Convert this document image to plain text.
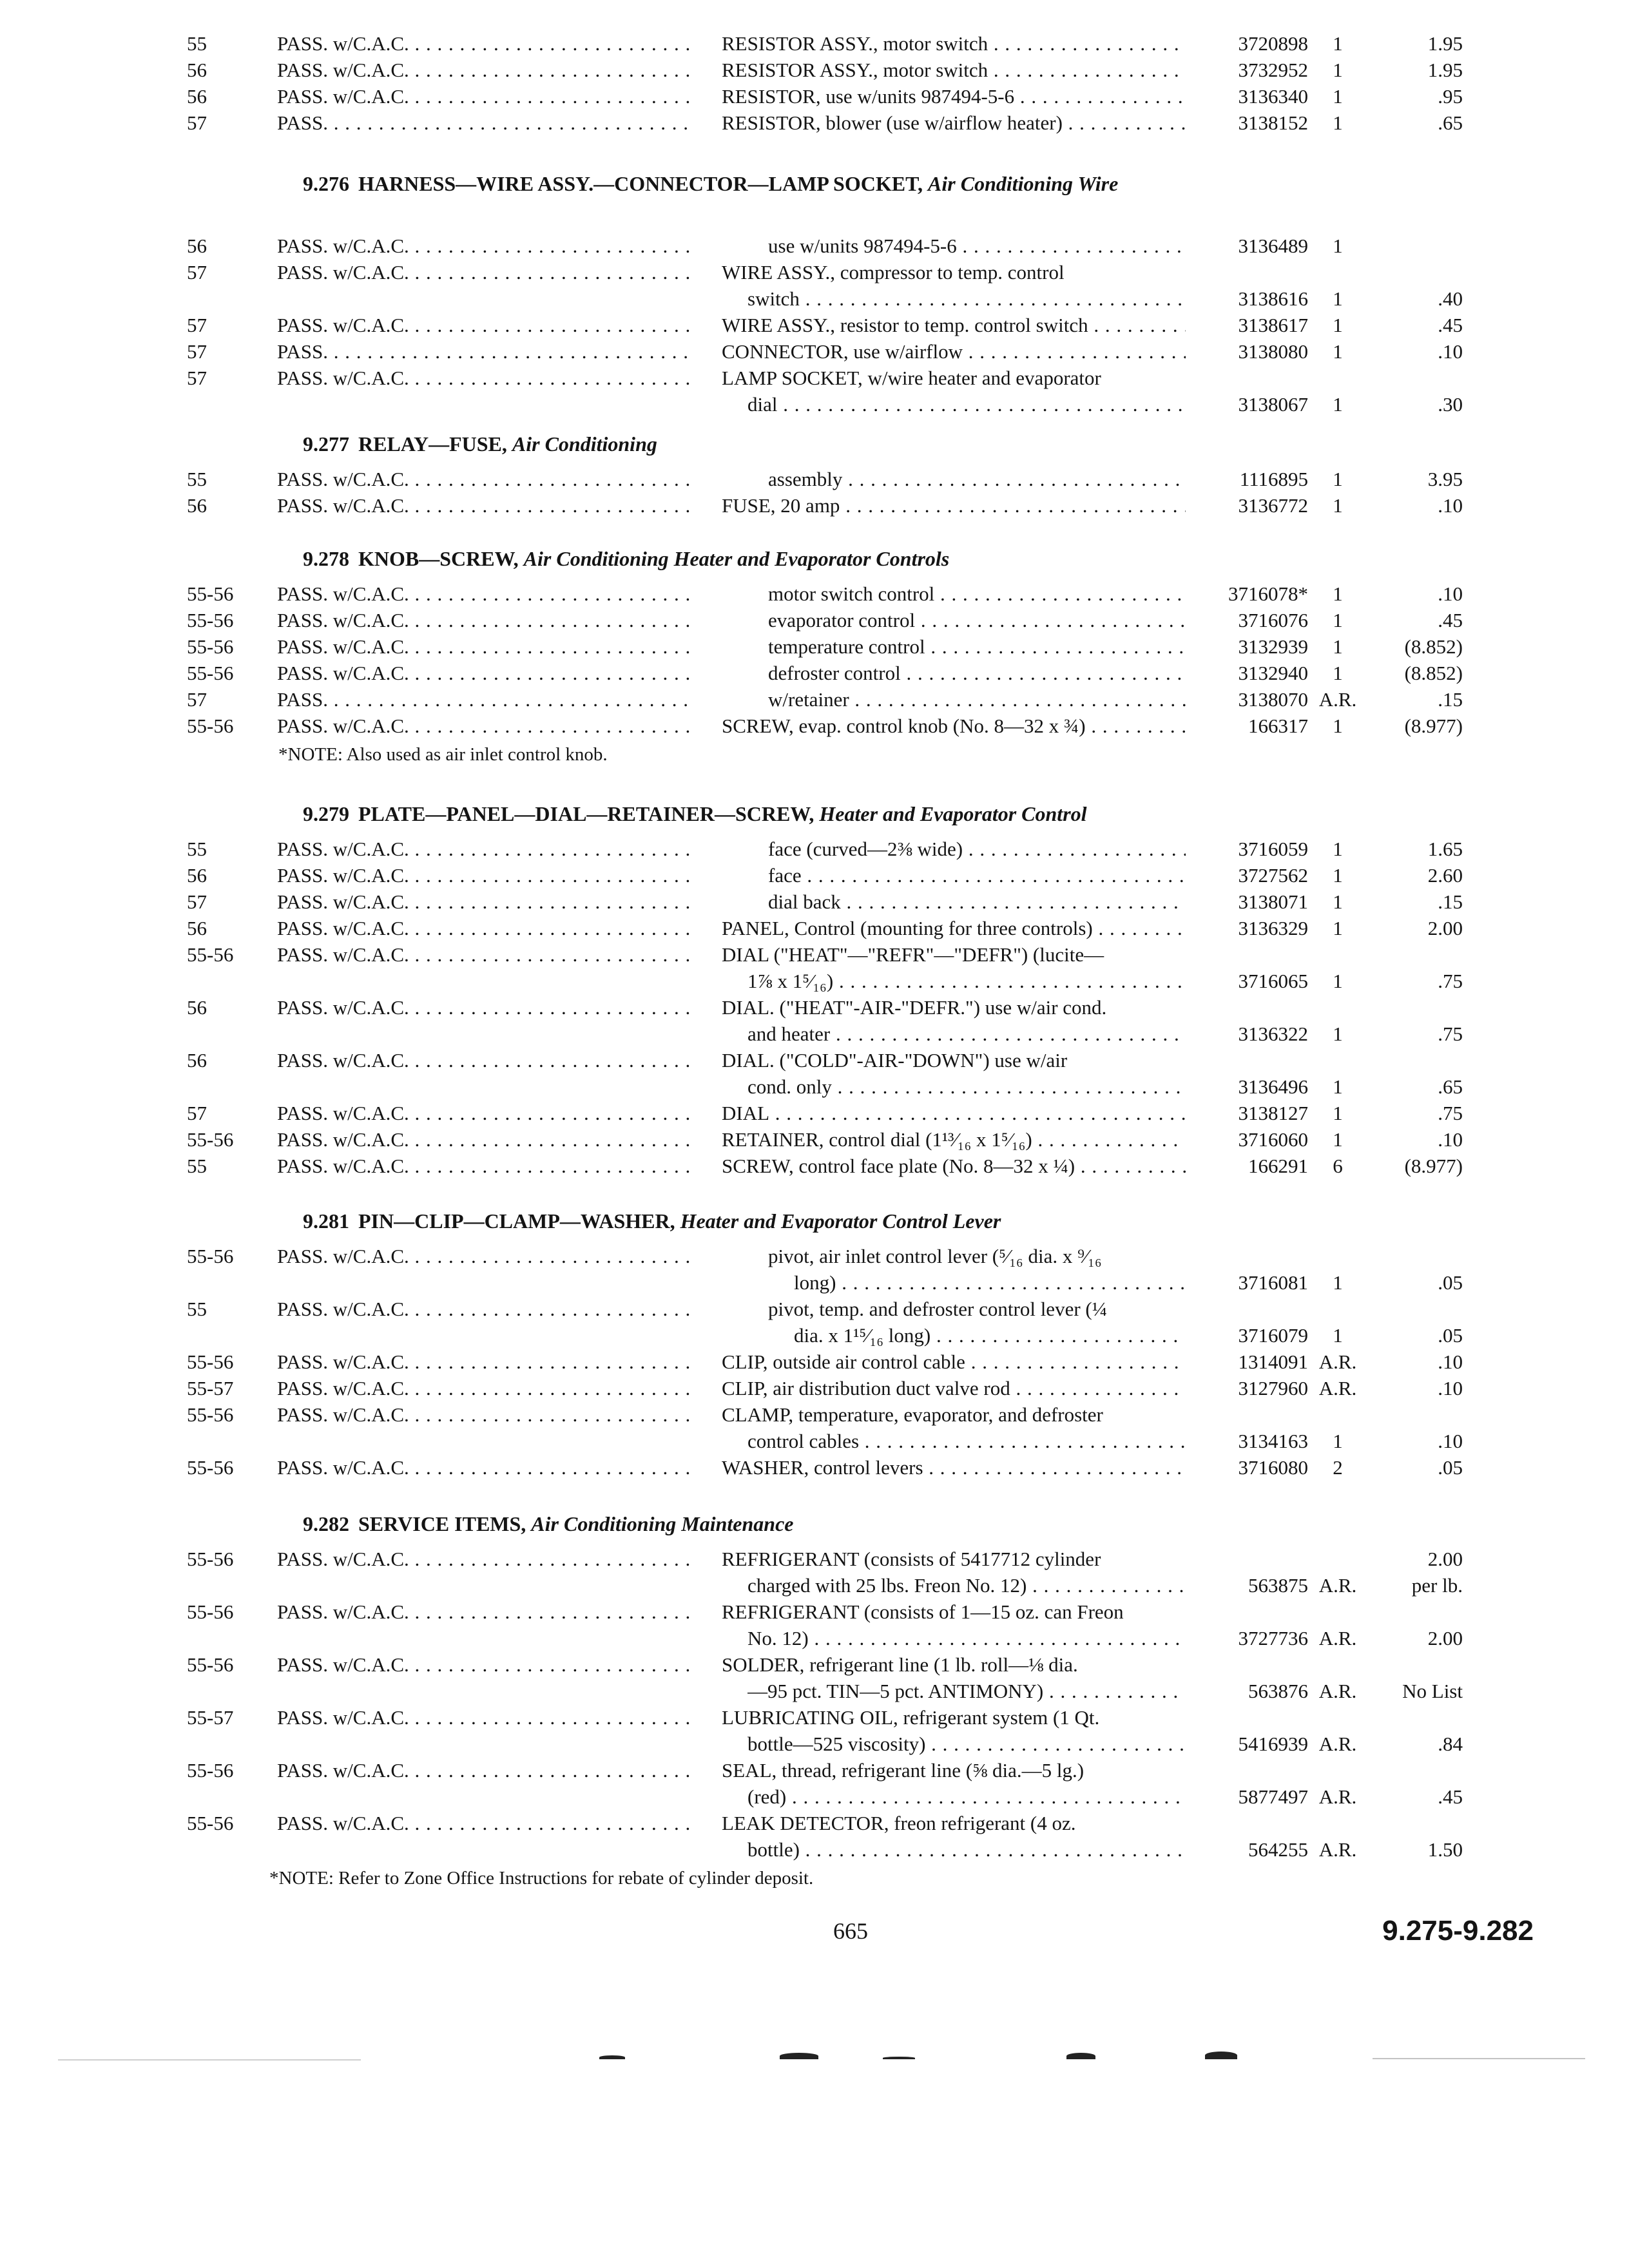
55	PASS. w/C.A.C. . . .	RESISTOR ASSY., motor switch . . .	3720898	1	1.95
56	PASS. w/C.A.C. . . .	RESISTOR ASSY., motor switch . . .	3732952	1	1.95
56	PASS. w/C.A.C. . . .	RESISTOR, use w/units 987494-5-6 . . .	3136340	1	.95
57	PASS. . . .	RESISTOR, blower (use w/airflow heater) . . .	3138152	1	.65
9.276 HARNESS—WIRE ASSY.—CONNECTOR—LAMP SOCKET, Air Conditioning Wire
56	PASS. w/C.A.C. . . .	use w/units 987494-5-6 . . .	3136489	1
57	PASS. w/C.A.C. . . .	WIRE ASSY., compressor to temp. control
switch . . .	3138616	1	.40
57	PASS. w/C.A.C. . . .	WIRE ASSY., resistor to temp. control switch . . .	3138617	1	.45
57	PASS. . . .	CONNECTOR, use w/airflow . . .	3138080	1	.10
57	PASS. w/C.A.C. . . .	LAMP SOCKET, w/wire heater and evaporator
dial . . .	3138067	1	.30
9.277 RELAY—FUSE, Air Conditioning
55	PASS. w/C.A.C. . . .	assembly . . .	1116895	1	3.95
56	PASS. w/C.A.C. . . .	FUSE, 20 amp . . .	3136772	1	.10
9.278 KNOB—SCREW, Air Conditioning Heater and Evaporator Controls
55-56	PASS. w/C.A.C. . . .	motor switch control . . .	3716078*	1	.10
55-56	PASS. w/C.A.C. . . .	evaporator control . . .	3716076	1	.45
55-56	PASS. w/C.A.C. . . .	temperature control . . .	3132939	1	(8.852)
55-56	PASS. w/C.A.C. . . .	defroster control . . .	3132940	1	(8.852)
57	PASS. . . .	w/retainer . . .	3138070 A.R.	.15
55-56	PASS. w/C.A.C. . . .	SCREW, evap. control knob (No. 8—32 x ¾) . . .	166317	1	(8.977)
*NOTE: Also used as air inlet control knob.
9.279 PLATE—PANEL—DIAL—RETAINER—SCREW, Heater and Evaporator Control
55	PASS. w/C.A.C. . . .	face (curved—2⅜ wide) . . .	3716059	1	1.65
56	PASS. w/C.A.C. . . .	face . . .	3727562	1	2.60
57	PASS. w/C.A.C. . . .	dial back . . .	3138071	1	.15
56	PASS. w/C.A.C. . . .	PANEL, Control (mounting for three controls) . . .	3136329	1	2.00
55-56	PASS. w/C.A.C. . . .	DIAL ("HEAT"—"REFR"—"DEFR") (lucite—
1⅞ x 1⁵⁄₁₆) . . .	3716065	1	.75
56	PASS. w/C.A.C. . . .	DIAL. ("HEAT"-AIR-"DEFR.") use w/air cond.
and heater . . .	3136322	1	.75
56	PASS. w/C.A.C. . . .	DIAL. ("COLD"-AIR-"DOWN") use w/air
cond. only . . .	3136496	1	.65
57	PASS. w/C.A.C. . . .	DIAL . . .	3138127	1	.75
55-56	PASS. w/C.A.C. . . .	RETAINER, control dial (1¹³⁄₁₆ x 1⁵⁄₁₆) . . .	3716060	1	.10
55	PASS. w/C.A.C. . . .	SCREW, control face plate (No. 8—32 x ¼) . . .	166291	6	(8.977)
9.281 PIN—CLIP—CLAMP—WASHER, Heater and Evaporator Control Lever
55-56	PASS. w/C.A.C. . . .	pivot, air inlet control lever (⁵⁄₁₆ dia. x ⁹⁄₁₆
long) . . .	3716081	1	.05
55	PASS. w/C.A.C. . . .	pivot, temp. and defroster control lever (¼
dia. x 1¹⁵⁄₁₆ long) . . .	3716079	1	.05
55-56	PASS. w/C.A.C. . . .	CLIP, outside air control cable . . .	1314091 A.R.	.10
55-57	PASS. w/C.A.C. . . .	CLIP, air distribution duct valve rod . . .	3127960 A.R.	.10
55-56	PASS. w/C.A.C. . . .	CLAMP, temperature, evaporator, and defroster
control cables . . .	3134163	1	.10
55-56	PASS. w/C.A.C. . . .	WASHER, control levers . . .	3716080	2	.05
9.282 SERVICE ITEMS, Air Conditioning Maintenance
55-56	PASS. w/C.A.C. . . .	REFRIGERANT (consists of 5417712 cylinder	2.00
charged with 25 lbs. Freon No. 12) . . .	563875 A.R.	per lb.
55-56	PASS. w/C.A.C. . . .	REFRIGERANT (consists of 1—15 oz. can Freon
No. 12) . . .	3727736 A.R.	2.00
55-56	PASS. w/C.A.C. . . .	SOLDER, refrigerant line (1 lb. roll—⅛ dia.
—95 pct. TIN—5 pct. ANTIMONY) . . .	563876 A.R.	No List
55-57	PASS. w/C.A.C. . . .	LUBRICATING OIL, refrigerant system (1 Qt.
bottle—525 viscosity) . . .	5416939 A.R.	.84
55-56	PASS. w/C.A.C. . . .	SEAL, thread, refrigerant line (⅝ dia.—5 lg.)
(red) . . .	5877497 A.R.	.45
55-56	PASS. w/C.A.C. . . .	LEAK DETECTOR, freon refrigerant (4 oz.
bottle) . . .	564255 A.R.	1.50
*NOTE: Refer to Zone Office Instructions for rebate of cylinder deposit.
665	9.275-9.282
